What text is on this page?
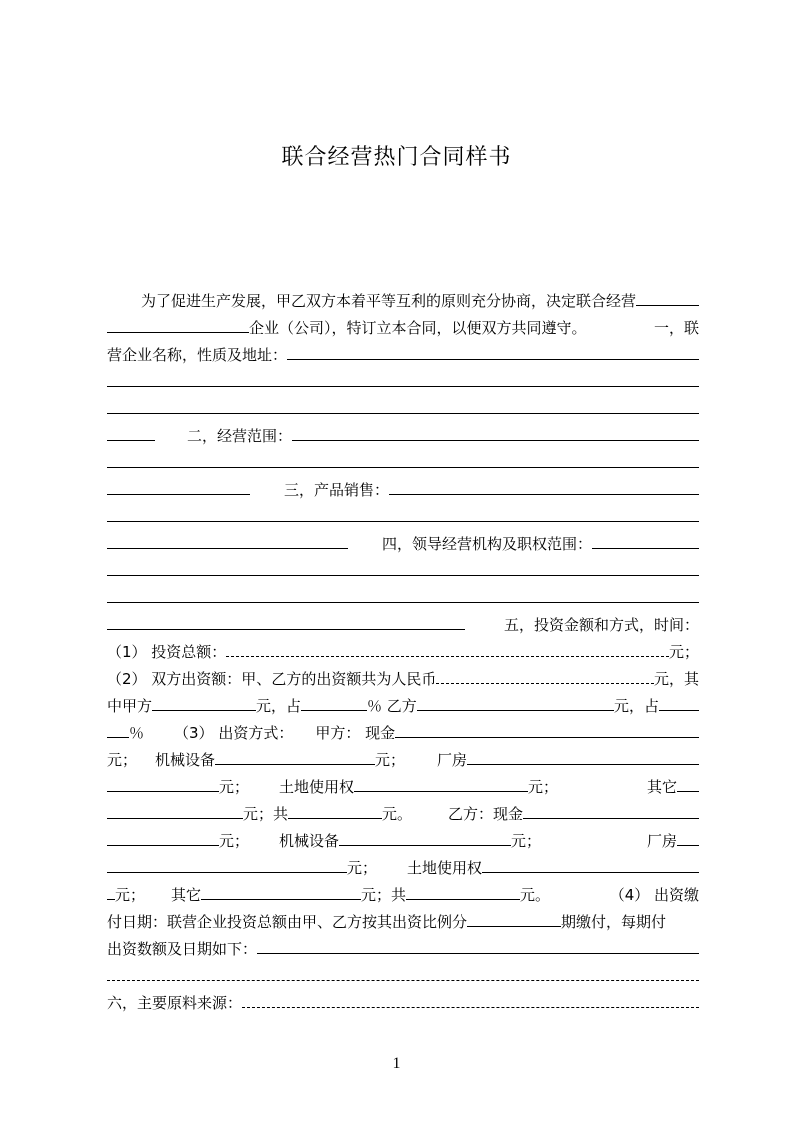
联合经营热门合同样书
为了促进生产发展，甲乙双方本着平等互利的原则充分协商，决定联合经营
企业（公司），特订立本合同，以便双方共同遵守。	一，联
营企业名称，性质及地址：
二，经营范围：
三，产品销售：
四，领导经营机构及职权范围：
五，投资金额和方式，时间：
（1） 投资总额：	元；
（2） 双方出资额：甲、乙方的出资额共为人民币	元，其
中甲方	元，占	％ 乙方	元，占
％ （3） 出资方式： 甲方： 现金
元； 机械设备	元； 厂房
元； 土地使用权	元；	其它
元；共	元。 乙方：现金
元； 机械设备	元；	厂房
元； 土地使用权
元； 其它	元；共	元。	（4） 出资缴
付日期：联营企业投资总额由甲、乙方按其出资比例分	期缴付，每期付
出资数额及日期如下：
六，主要原料来源：
1
